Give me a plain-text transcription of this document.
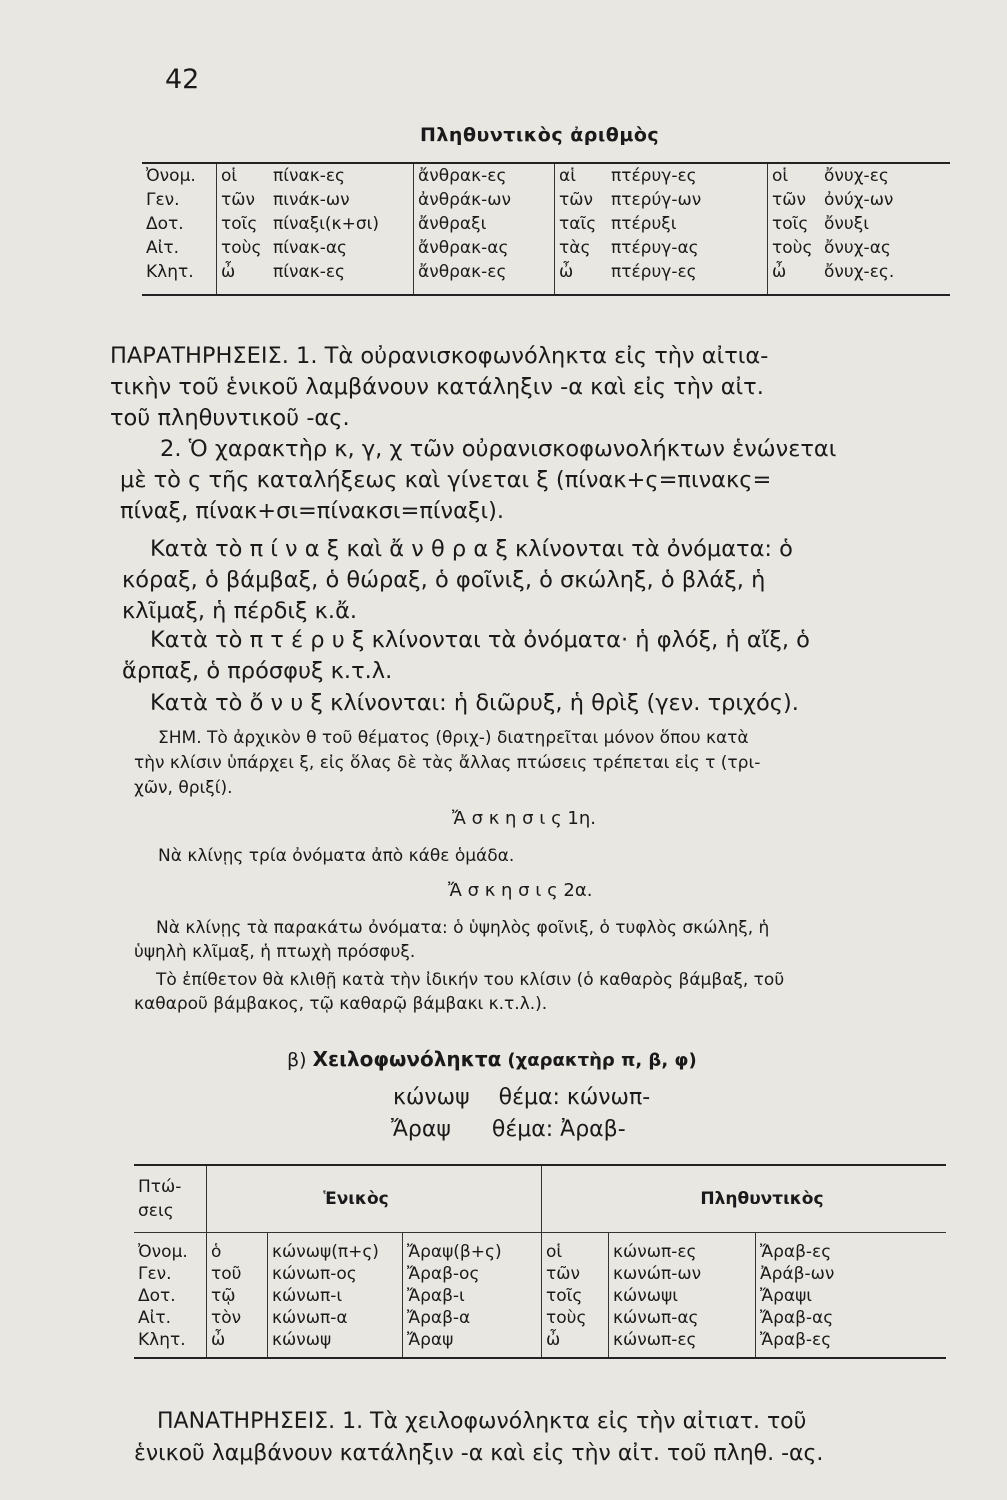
42
Πληθυντικὸς ἀριθμὸς
Ὀνομ.	οἱ πίνακ-ες	ἄνθρακ-ες	αἱ πτέρυγ-ες	οἱ ὄνυχ-ες
Γεν.	τῶν πινάκ-ων	ἀνθράκ-ων	τῶν πτερύγ-ων	τῶν ὀνύχ-ων
Δοτ.	τοῖς πίναξι(κ+σι)	ἄνθραξι	ταῖς πτέρυξι	τοῖς ὄνυξι
Αἰτ.	τοὺς πίνακ-ας	ἄνθρακ-ας	τὰς πτέρυγ-ας	τοὺς ὄνυχ-ας
Κλητ.	ὦ πίνακ-ες	ἄνθρακ-ες	ὦ πτέρυγ-ες	ὦ ὄνυχ-ες.
ΠΑΡΑΤΗΡΗΣΕΙΣ. 1. Τὰ οὐρανισκοφωνόληκτα εἰς τὴν αἰτια-
τικὴν τοῦ ἑνικοῦ λαμβάνουν κατάληξιν -α καὶ εἰς τὴν αἰτ.
τοῦ πληθυντικοῦ -ας.
2. Ὁ χαρακτὴρ κ, γ, χ τῶν οὐρανισκοφωνολήκτων ἑνώνεται
μὲ τὸ ς τῆς καταλήξεως καὶ γίνεται ξ (πίνακ+ς=πινακς=
πίναξ, πίνακ+σι=πίνακσι=πίναξι).
Κατὰ τὸ π ί ν α ξ καὶ ἄ ν θ ρ α ξ κλίνονται τὰ ὀνόματα: ὁ
κόραξ, ὁ βάμβαξ, ὁ θώραξ, ὁ φοῖνιξ, ὁ σκώληξ, ὁ βλάξ, ἡ
κλῖμαξ, ἡ πέρδιξ κ.ἄ.
Κατὰ τὸ π τ έ ρ υ ξ κλίνονται τὰ ὀνόματα· ἡ φλόξ, ἡ αἴξ, ὁ
ἅρπαξ, ὁ πρόσφυξ κ.τ.λ.
Κατὰ τὸ ὄ ν υ ξ κλίνονται: ἡ διῶρυξ, ἡ θρὶξ (γεν. τριχός).
ΣΗΜ. Τὸ ἀρχικὸν θ τοῦ θέματος (θριχ-) διατηρεῖται μόνον ὅπου κατὰ
τὴν κλίσιν ὑπάρχει ξ, εἰς ὅλας δὲ τὰς ἄλλας πτώσεις τρέπεται εἰς τ (τρι-
χῶν, θριξί).
Ἄ σ κ η σ ι ς 1η.
Νὰ κλίνῃς τρία ὀνόματα ἀπὸ κάθε ὁμάδα.
Ἄ σ κ η σ ι ς 2α.
Νὰ κλίνῃς τὰ παρακάτω ὀνόματα: ὁ ὑψηλὸς φοῖνιξ, ὁ τυφλὸς σκώληξ, ἡ
ὑψηλὴ κλῖμαξ, ἡ πτωχὴ πρόσφυξ.
Τὸ ἐπίθετον θὰ κλιθῇ κατὰ τὴν ἰδικήν του κλίσιν (ὁ καθαρὸς βάμβαξ, τοῦ
καθαροῦ βάμβακος, τῷ καθαρῷ βάμβακι κ.τ.λ.).
β) Χειλοφωνόληκτα (χαρακτὴρ π, β, φ)
κώνωψ θέμα: κώνωπ-
Ἄραψ θέμα: Ἀραβ-
Πτώ-
σεις	Ἑνικὸς			Πληθυντικὸς		
Ὀνομ.	ὁ	κώνωψ(π+ς)	Ἄραψ(β+ς)	οἱ	κώνωπ-ες	Ἄραβ-ες
Γεν.	τοῦ	κώνωπ-ος	Ἄραβ-ος	τῶν	κωνώπ-ων	Ἀράβ-ων
Δοτ.	τῷ	κώνωπ-ι	Ἄραβ-ι	τοῖς	κώνωψι	Ἄραψι
Αἰτ.	τὸν	κώνωπ-α	Ἄραβ-α	τοὺς	κώνωπ-ας	Ἄραβ-ας
Κλητ.	ὦ	κώνωψ	Ἄραψ	ὦ	κώνωπ-ες	Ἄραβ-ες
ΠΑΝΑΤΗΡΗΣΕΙΣ. 1. Τὰ χειλοφωνόληκτα εἰς τὴν αἰτιατ. τοῦ
ἑνικοῦ λαμβάνουν κατάληξιν -α καὶ εἰς τὴν αἰτ. τοῦ πληθ. -ας.
